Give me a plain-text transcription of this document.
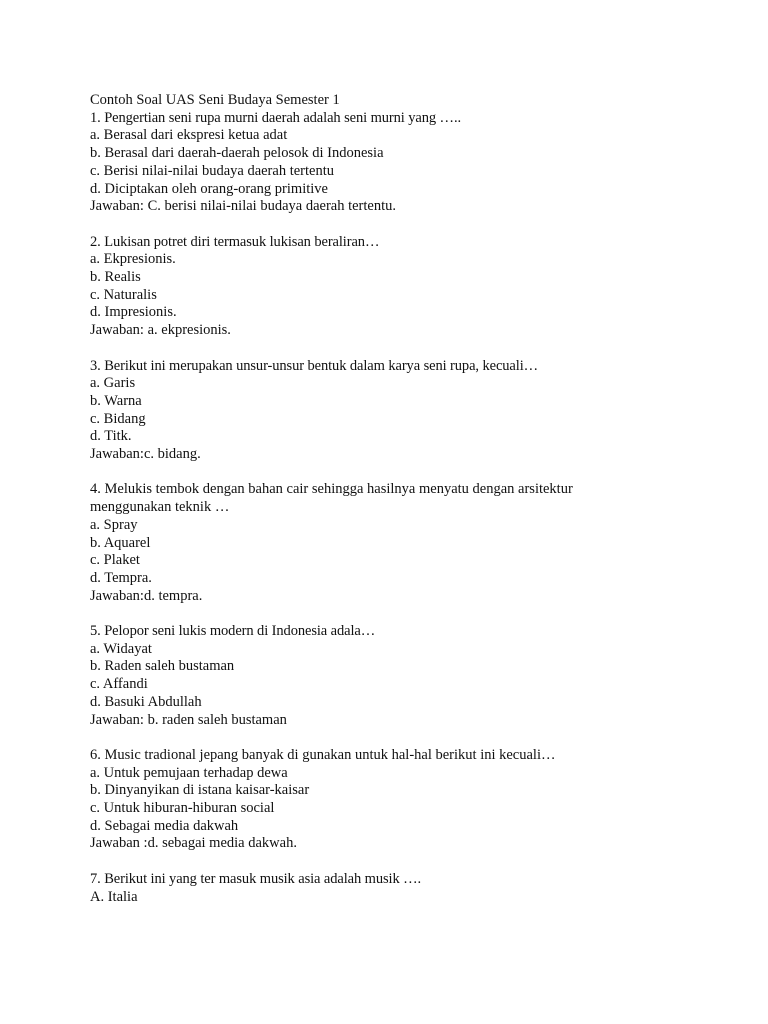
Contoh Soal UAS Seni Budaya Semester 1
1. Pengertian seni rupa murni daerah adalah seni murni yang …..
a. Berasal dari ekspresi ketua adat
b. Berasal dari daerah-daerah pelosok di Indonesia
c. Berisi nilai-nilai budaya daerah tertentu
d. Diciptakan oleh orang-orang primitive
Jawaban: C. berisi nilai-nilai budaya daerah tertentu.
2. Lukisan potret diri termasuk lukisan beraliran…
a. Ekpresionis.
b. Realis
c. Naturalis
d. Impresionis.
Jawaban: a. ekpresionis.
3. Berikut ini merupakan unsur-unsur bentuk dalam karya seni rupa, kecuali…
a. Garis
b. Warna
c. Bidang
d. Titk.
Jawaban:c. bidang.
4. Melukis tembok dengan bahan cair sehingga hasilnya menyatu dengan arsitektur menggunakan teknik …
a. Spray
b. Aquarel
c. Plaket
d. Tempra.
Jawaban:d. tempra.
5. Pelopor seni lukis modern di Indonesia adala…
a. Widayat
b. Raden saleh bustaman
c. Affandi
d. Basuki Abdullah
Jawaban: b. raden saleh bustaman
6. Music tradional jepang banyak di gunakan untuk hal-hal berikut ini kecuali…
a. Untuk pemujaan terhadap dewa
b. Dinyanyikan di istana kaisar-kaisar
c. Untuk hiburan-hiburan social
d. Sebagai media dakwah
Jawaban :d. sebagai media dakwah.
7. Berikut ini yang ter masuk musik asia adalah musik ….
A. Italia
